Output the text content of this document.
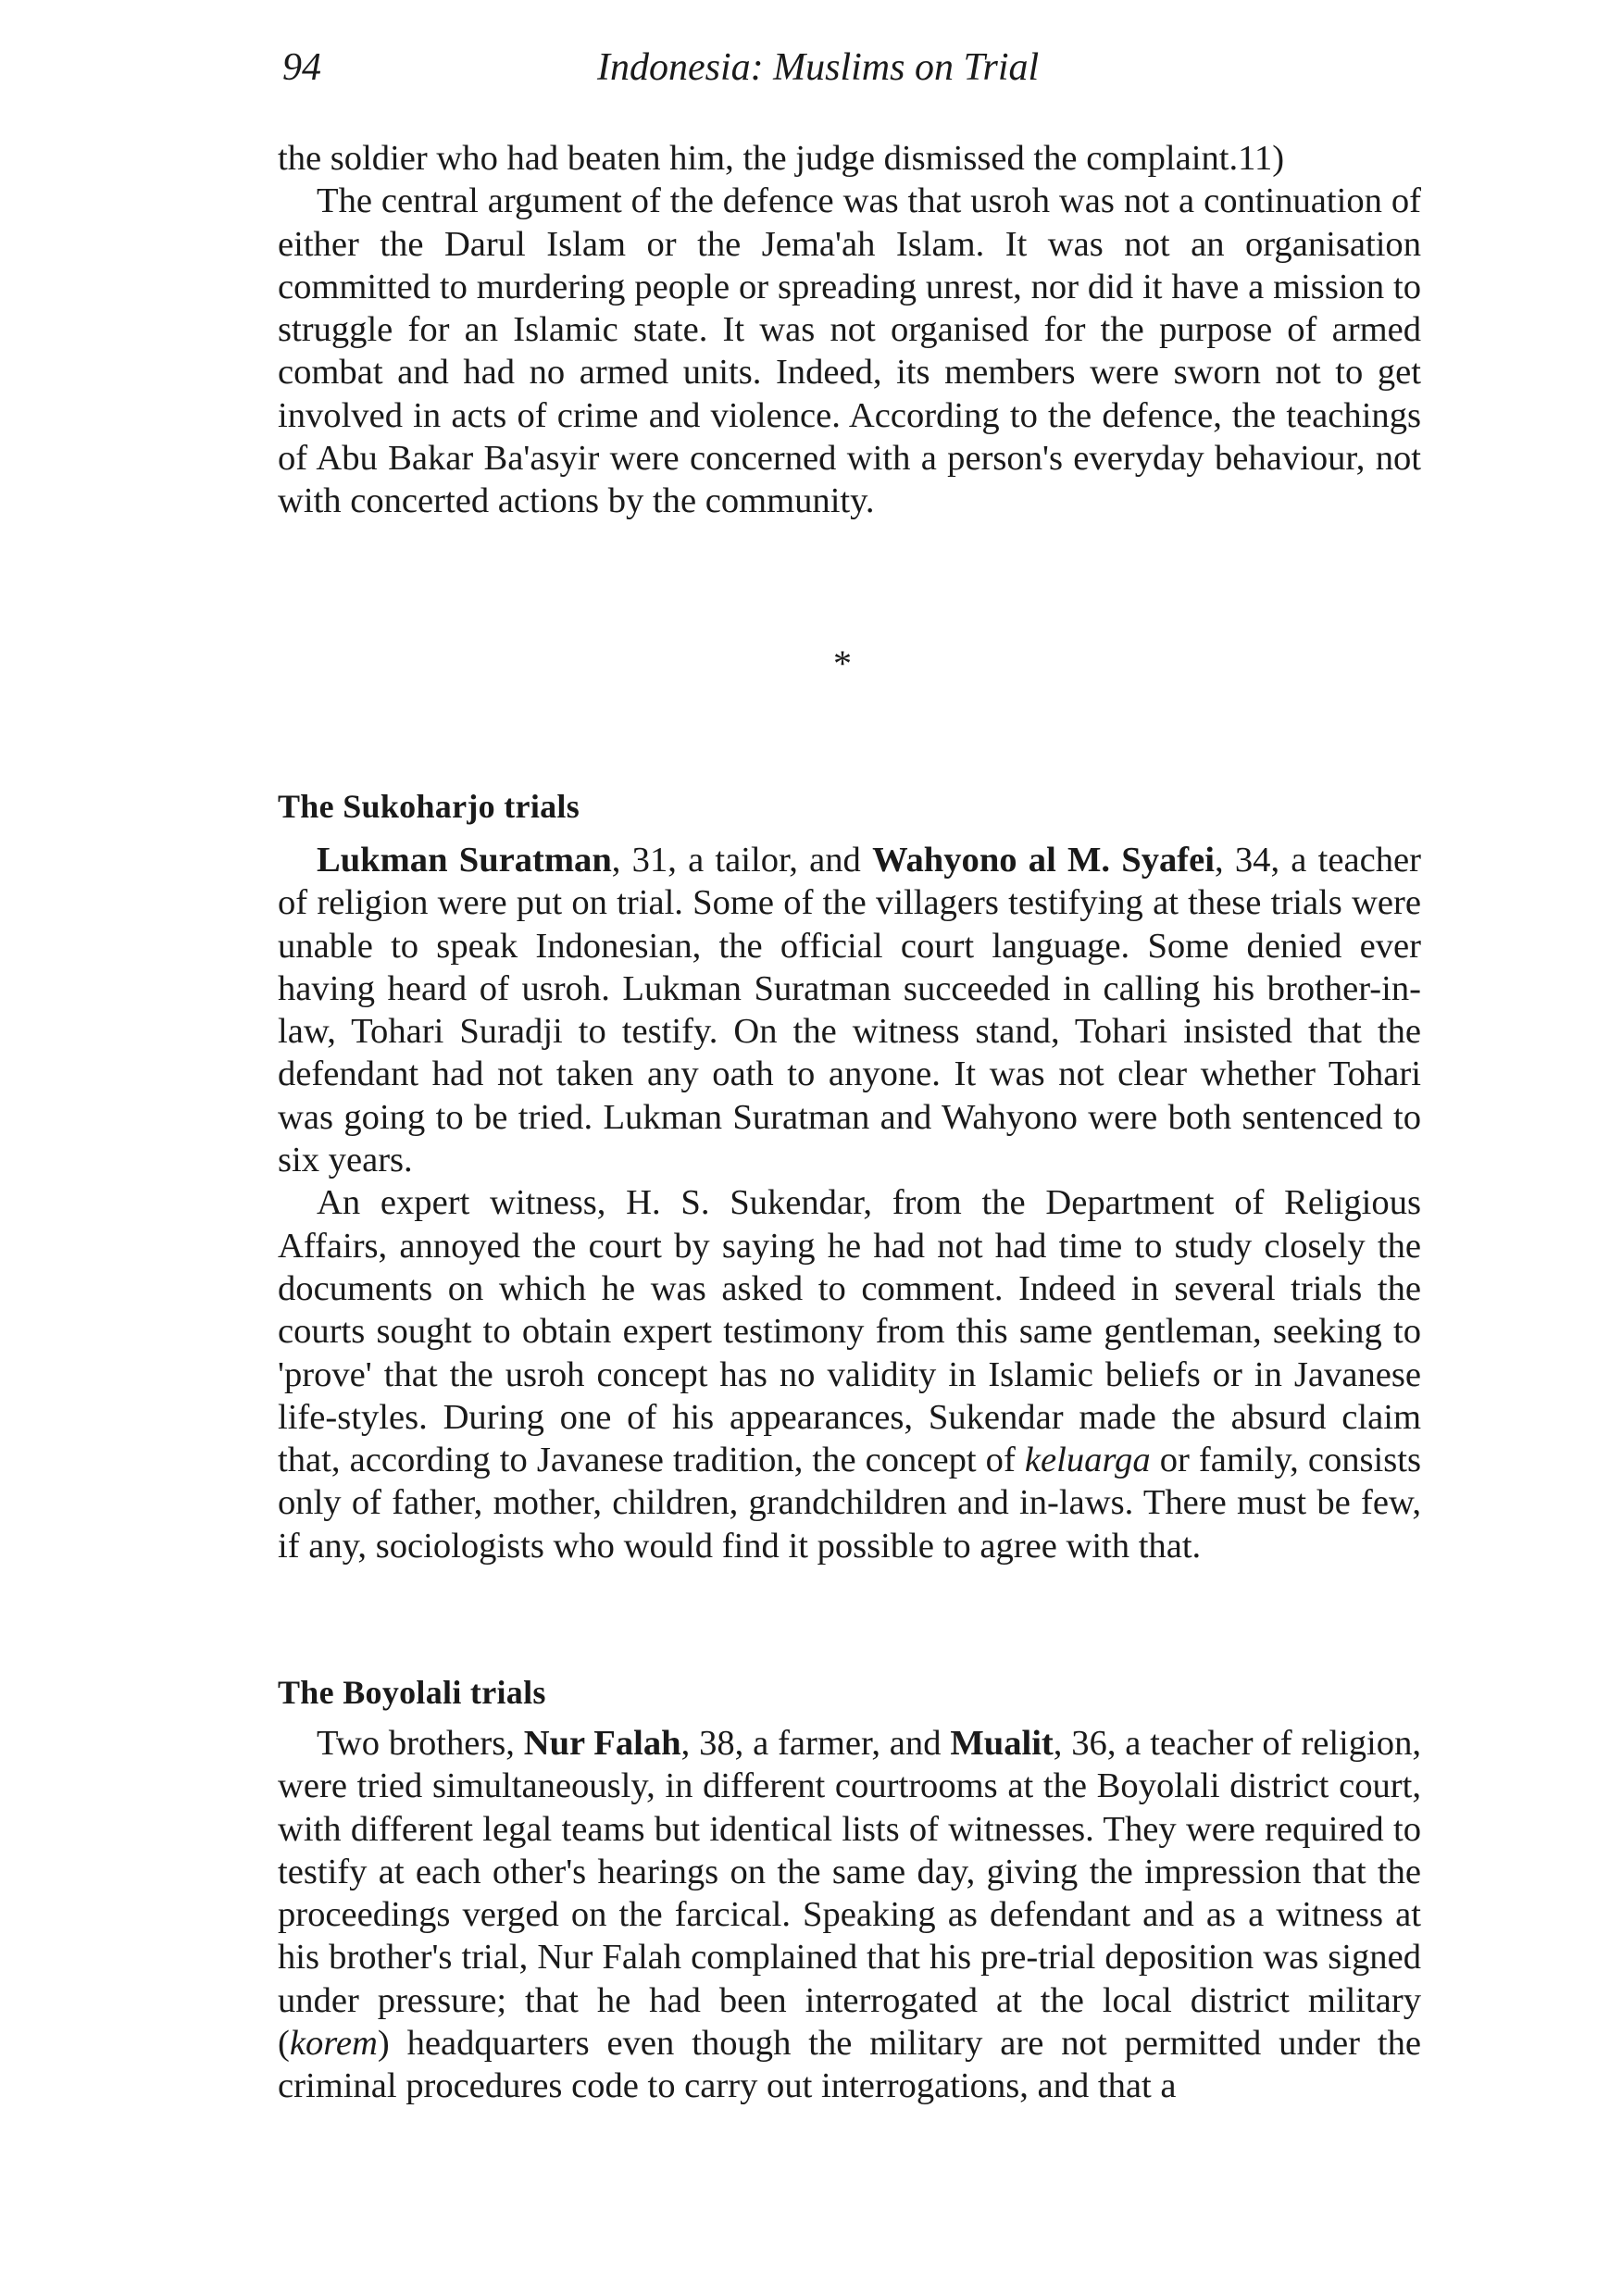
94	Indonesia: Muslims on Trial

the soldier who had beaten him, the judge dismissed the complaint.11)

The central argument of the defence was that usroh was not a continuation of either the Darul Islam or the Jema'ah Islam. It was not an organisation committed to murdering people or spreading unrest, nor did it have a mission to struggle for an Islamic state. It was not organised for the purpose of armed combat and had no armed units. Indeed, its members were sworn not to get involved in acts of crime and violence. According to the defence, the teachings of Abu Bakar Ba'asyir were concerned with a person's everyday behaviour, not with concerted actions by the community.

*
The Sukoharjo trials

Lukman Suratman, 31, a tailor, and Wahyono al M. Syafei, 34, a teacher of religion were put on trial. Some of the villagers testifying at these trials were unable to speak Indonesian, the official court language. Some denied ever having heard of usroh. Lukman Suratman succeeded in calling his brother-in-law, Tohari Suradji to testify. On the witness stand, Tohari insisted that the defendant had not taken any oath to anyone. It was not clear whether Tohari was going to be tried. Lukman Suratman and Wahyono were both sentenced to six years.

An expert witness, H. S. Sukendar, from the Department of Religious Affairs, annoyed the court by saying he had not had time to study closely the documents on which he was asked to comment. Indeed in several trials the courts sought to obtain expert testimony from this same gentleman, seeking to 'prove' that the usroh concept has no validity in Islamic beliefs or in Javanese life-styles. During one of his appearances, Sukendar made the absurd claim that, according to Javanese tradition, the concept of keluarga or family, consists only of father, mother, children, grandchildren and in-laws. There must be few, if any, sociologists who would find it possible to agree with that.

The Boyolali trials

Two brothers, Nur Falah, 38, a farmer, and Mualit, 36, a teacher of religion, were tried simultaneously, in different courtrooms at the Boyolali district court, with different legal teams but identical lists of witnesses. They were required to testify at each other's hearings on the same day, giving the impression that the proceedings verged on the farcical. Speaking as defendant and as a witness at his brother's trial, Nur Falah complained that his pre-trial deposition was signed under pressure; that he had been interrogated at the local district military (korem) headquarters even though the military are not permitted under the criminal procedures code to carry out interrogations, and that a
